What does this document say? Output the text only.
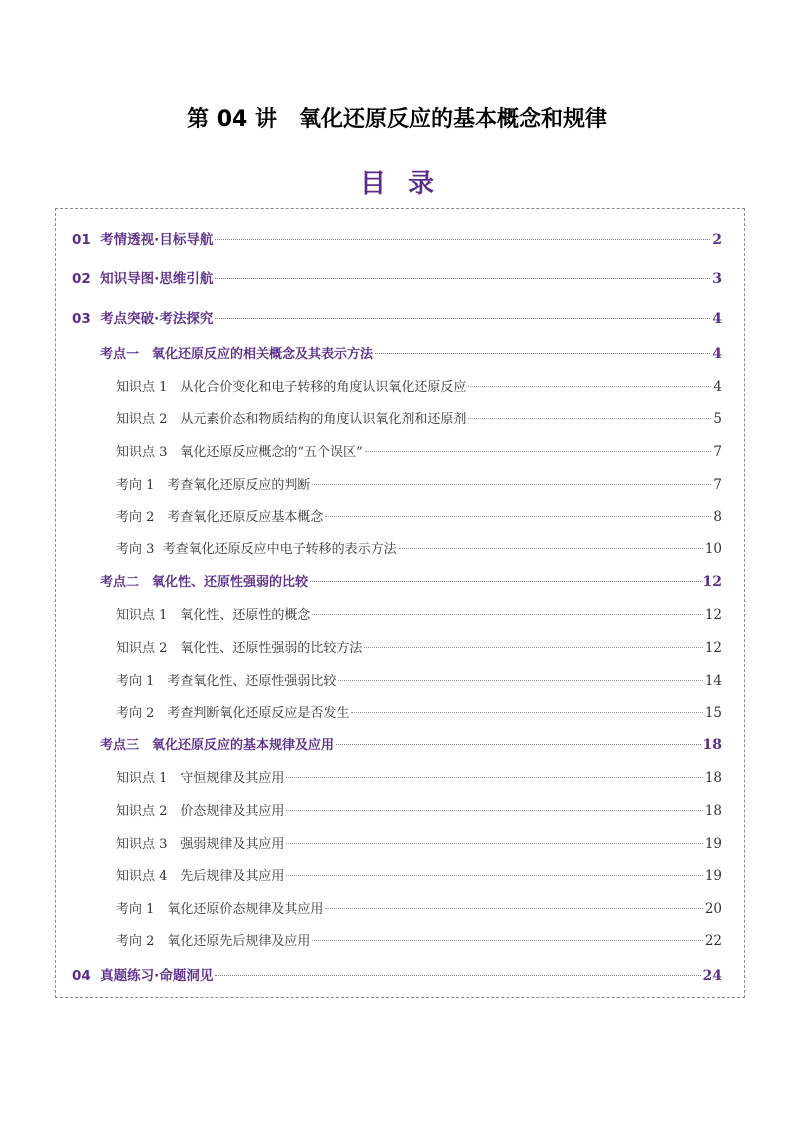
第 04 讲　氧化还原反应的基本概念和规律
目录
01  考情透视·目标导航	2
02  知识导图·思维引航	3
03  考点突破·考法探究	4
考点一　氧化还原反应的相关概念及其表示方法	4
知识点 1　从化合价变化和电子转移的角度认识氧化还原反应	4
知识点 2　从元素价态和物质结构的角度认识氧化剂和还原剂	5
知识点 3　氧化还原反应概念的“五个误区”	7
考向 1　考查氧化还原反应的判断	7
考向 2　考查氧化还原反应基本概念	8
考向 3  考查氧化还原反应中电子转移的表示方法	10
考点二　氧化性、还原性强弱的比较	12
知识点 1　氧化性、还原性的概念	12
知识点 2　氧化性、还原性强弱的比较方法	12
考向 1　考查氧化性、还原性强弱比较	14
考向 2　考查判断氧化还原反应是否发生	15
考点三　氧化还原反应的基本规律及应用	18
知识点 1　守恒规律及其应用	18
知识点 2　价态规律及其应用	18
知识点 3　强弱规律及其应用	19
知识点 4　先后规律及其应用	19
考向 1　氧化还原价态规律及其应用	20
考向 2　氧化还原先后规律及应用	22
04  真题练习·命题洞见	24
